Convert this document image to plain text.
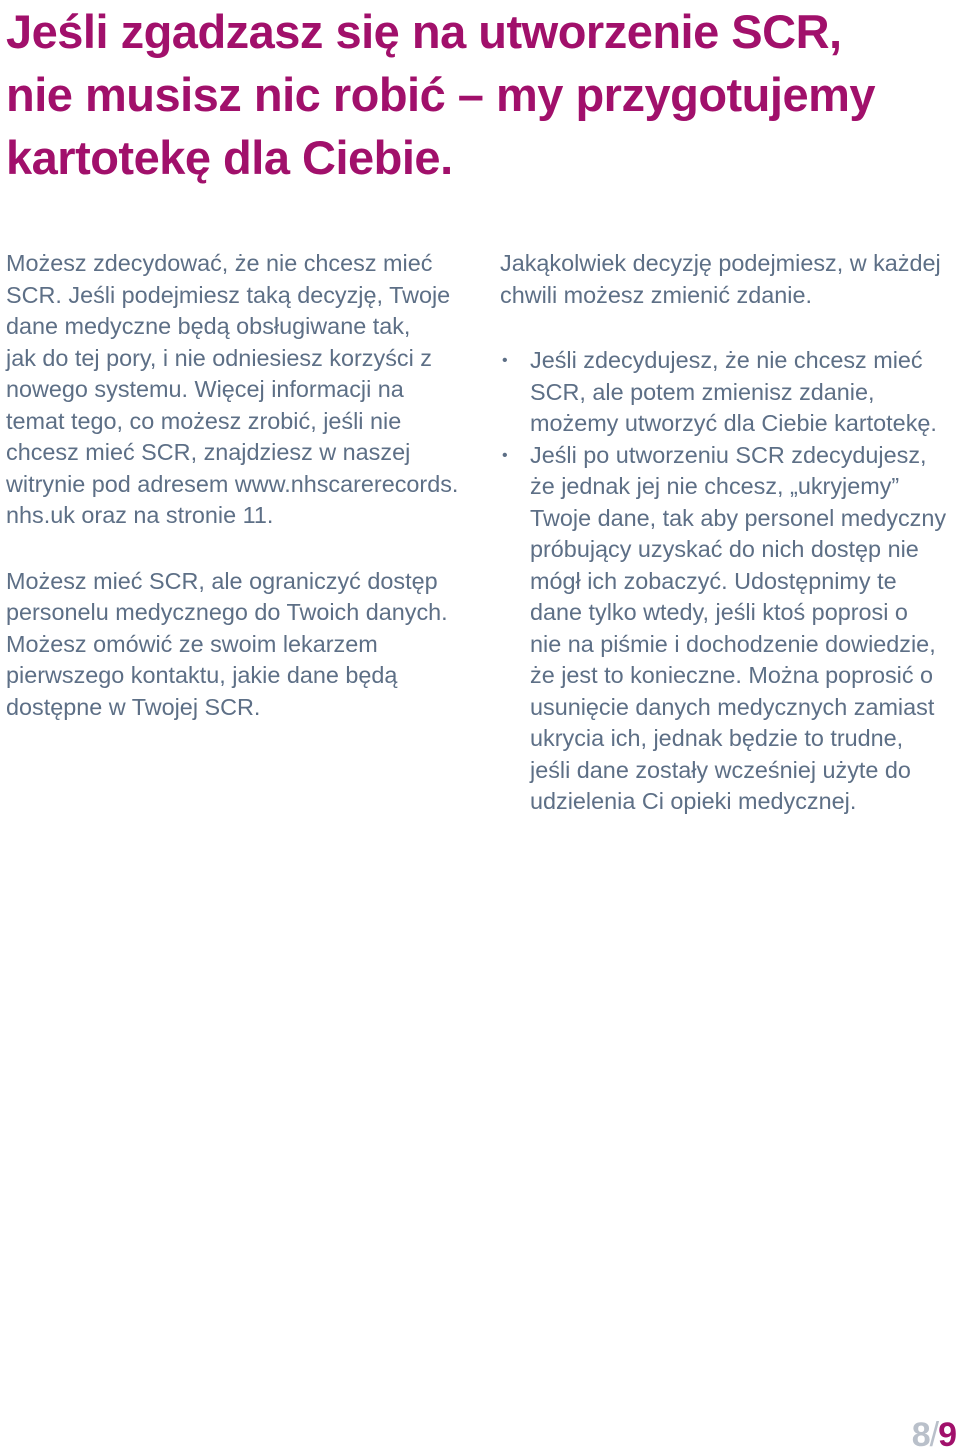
Jeśli zgadzasz się na utworzenie SCR,
nie musisz nic robić – my przygotujemy
kartotekę dla Ciebie.

Możesz zdecydować, że nie chcesz mieć
SCR. Jeśli podejmiesz taką decyzję, Twoje
dane medyczne będą obsługiwane tak,
jak do tej pory, i nie odniesiesz korzyści z
nowego systemu. Więcej informacji na
temat tego, co możesz zrobić, jeśli nie
chcesz mieć SCR, znajdziesz w naszej
witrynie pod adresem www.nhscarerecords.
nhs.uk oraz na stronie 11.

Możesz mieć SCR, ale ograniczyć dostęp
personelu medycznego do Twoich danych.
Możesz omówić ze swoim lekarzem
pierwszego kontaktu, jakie dane będą
dostępne w Twojej SCR.

Jakąkolwiek decyzję podejmiesz, w każdej
chwili możesz zmienić zdanie.

• Jeśli zdecydujesz, że nie chcesz mieć
SCR, ale potem zmienisz zdanie,
możemy utworzyć dla Ciebie kartotekę.
• Jeśli po utworzeniu SCR zdecydujesz,
że jednak jej nie chcesz, „ukryjemy”
Twoje dane, tak aby personel medyczny
próbujący uzyskać do nich dostęp nie
mógł ich zobaczyć. Udostępnimy te
dane tylko wtedy, jeśli ktoś poprosi o
nie na piśmie i dochodzenie dowiedzie,
że jest to konieczne. Można poprosić o
usunięcie danych medycznych zamiast
ukrycia ich, jednak będzie to trudne,
jeśli dane zostały wcześniej użyte do
udzielenia Ci opieki medycznej.
8/9
